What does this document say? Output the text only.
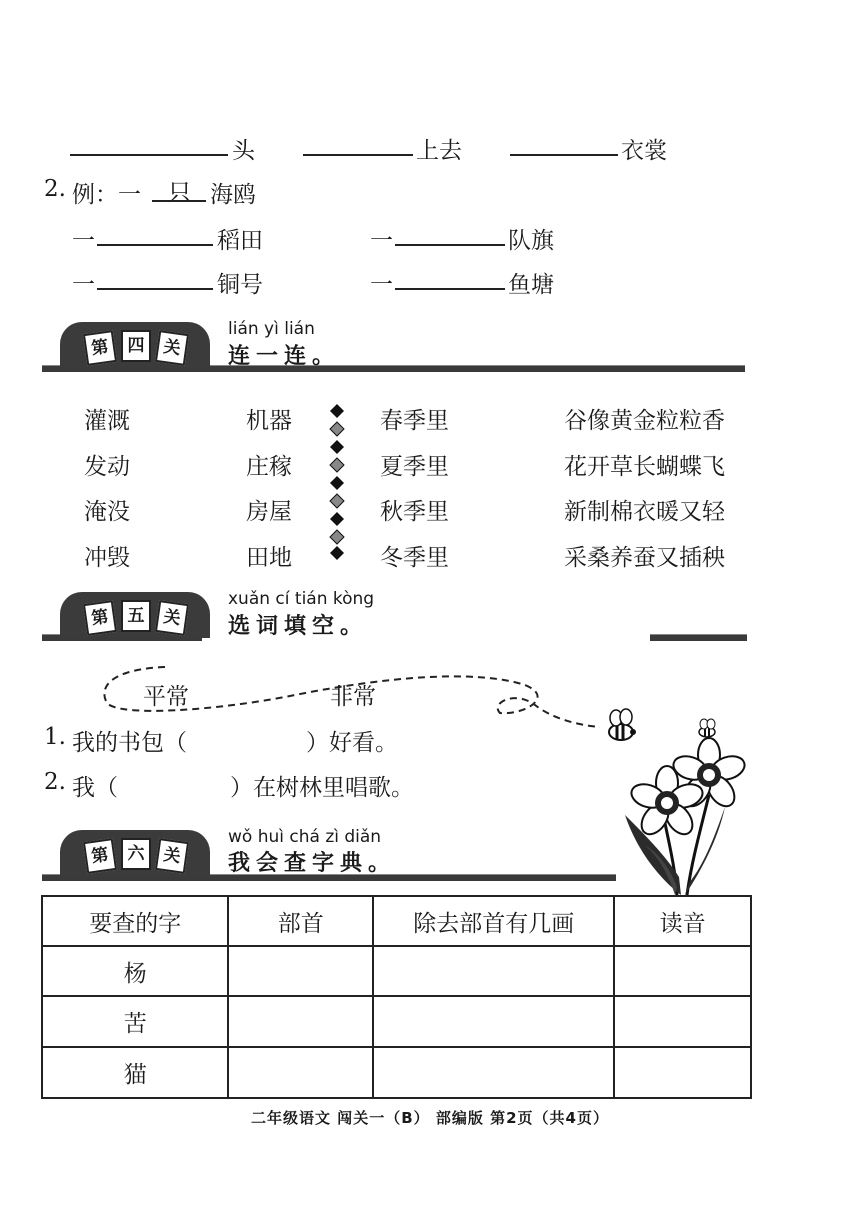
头	上去	衣裳
2. 例：一 只 海鸥
一	稻田	一	队旗
一	铜号	一	鱼塘
第	四	关
lián yì lián
连一连。
灌溉
发动
淹没
冲毁
机器
庄稼
房屋
田地
春季里
夏季里
秋季里
冬季里
谷像黄金粒粒香
花开草长蝴蝶飞
新制棉衣暖又轻
采桑养蚕又插秧
第	五	关
xuǎn cí tián kòng
选词填空。
平常	非常
1. 我的书包（	）好看。
2. 我（	）在树林里唱歌。
第	六	关
wǒ huì chá zì diǎn
我会查字典。
要查的字	部首	除去部首有几画	读音
杨			
苦			
猫			
二年级语文 闯关一（B） 部编版 第2页（共4页）
